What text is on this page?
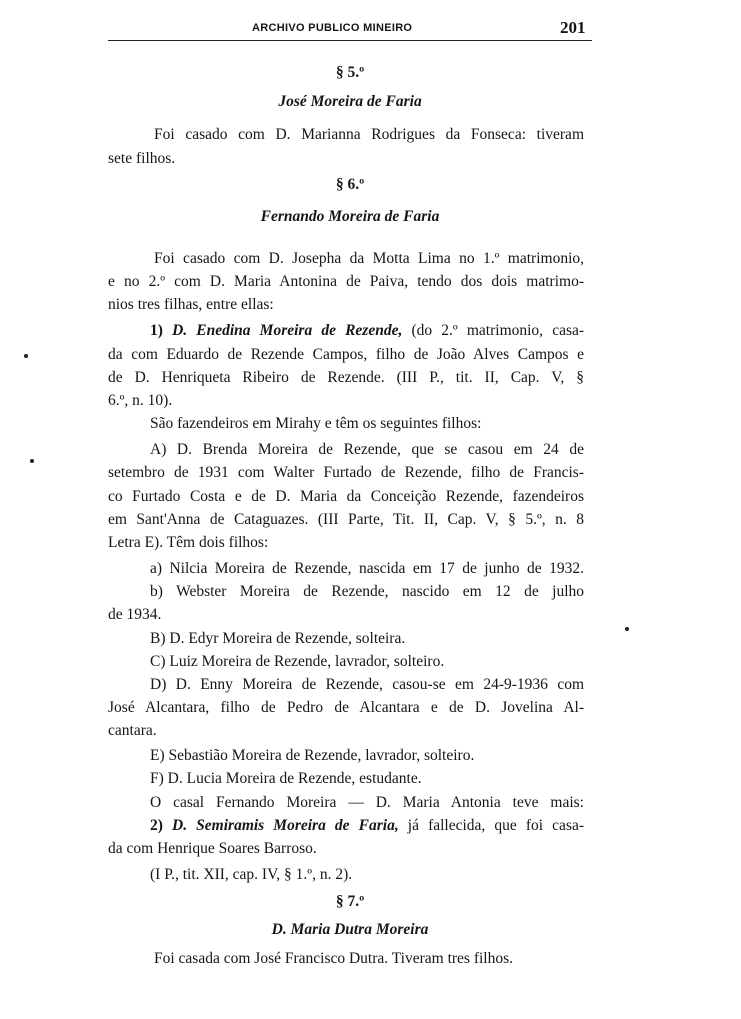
ARCHIVO PUBLICO MINEIRO	201
§ 5.º
José Moreira de Faria
Foi casado com D. Marianna Rodrigues da Fonseca: tiveram
sete filhos.
§ 6.º
Fernando Moreira de Faria
Foi casado com D. Josepha da Motta Lima no 1.º matrimonio,
e no 2.º com D. Maria Antonina de Paiva, tendo dos dois matrimo-
nios tres filhas, entre ellas:
1) D. Enedina Moreira de Rezende, (do 2.º matrimonio, casa-
da com Eduardo de Rezende Campos, filho de João Alves Campos e
de D. Henriqueta Ribeiro de Rezende. (III P., tit. II, Cap. V, §
6.º, n. 10).
São fazendeiros em Mirahy e têm os seguintes filhos:
A) D. Brenda Moreira de Rezende, que se casou em 24 de
setembro de 1931 com Walter Furtado de Rezende, filho de Francis-
co Furtado Costa e de D. Maria da Conceição Rezende, fazendeiros
em Sant'Anna de Cataguazes. (III Parte, Tit. II, Cap. V, § 5.º, n. 8
Letra E). Têm dois filhos:
a) Nilcia Moreira de Rezende, nascida em 17 de junho de 1932.
b) Webster Moreira de Rezende, nascido em 12 de julho
de 1934.
B) D. Edyr Moreira de Rezende, solteira.
C) Luiz Moreira de Rezende, lavrador, solteiro.
D) D. Enny Moreira de Rezende, casou-se em 24-9-1936 com
José Alcantara, filho de Pedro de Alcantara e de D. Jovelina Al-
cantara.
E) Sebastião Moreira de Rezende, lavrador, solteiro.
F) D. Lucia Moreira de Rezende, estudante.
O casal Fernando Moreira — D. Maria Antonia teve mais:
2) D. Semiramis Moreira de Faria, já fallecida, que foi casa-
da com Henrique Soares Barroso.
(I P., tit. XII, cap. IV, § 1.º, n. 2).
§ 7.º
D. Maria Dutra Moreira
Foi casada com José Francisco Dutra. Tiveram tres filhos.
